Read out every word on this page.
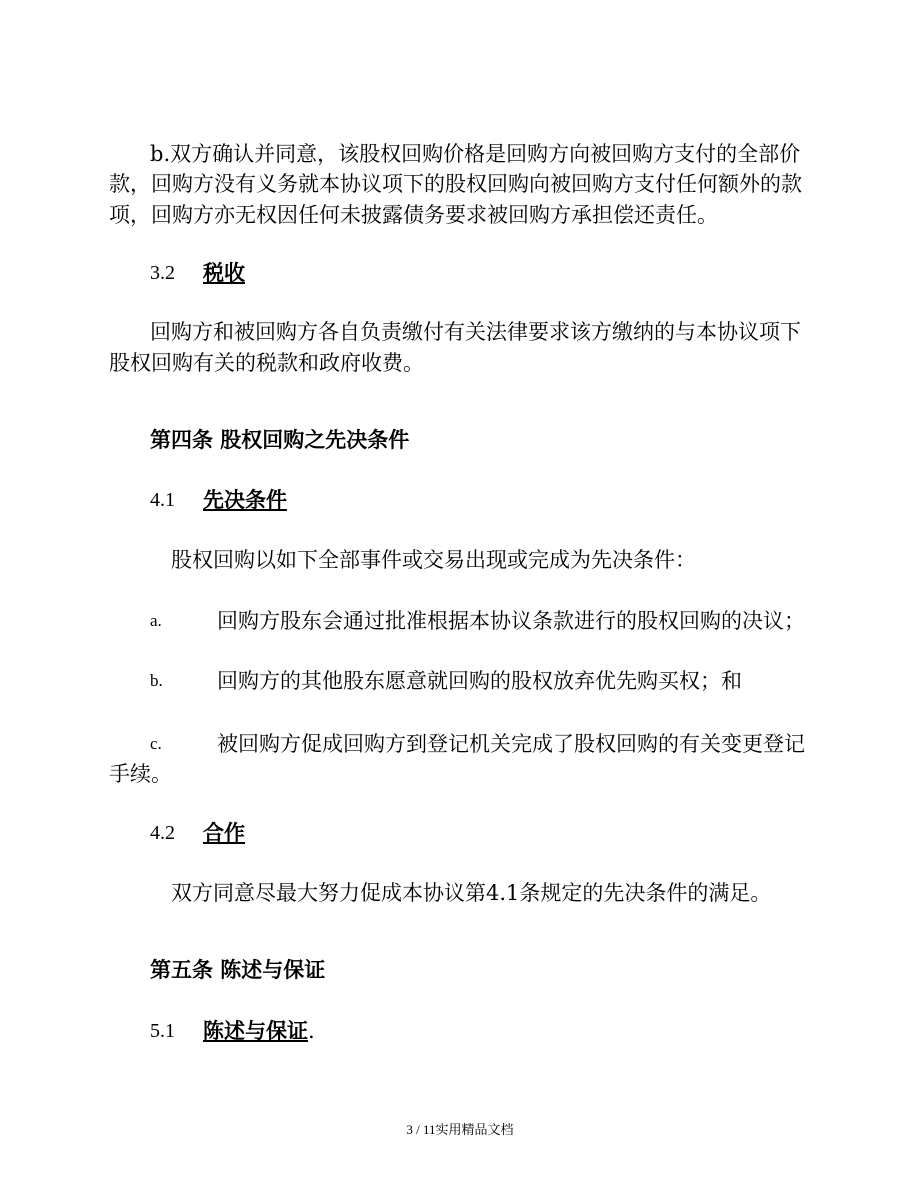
b.双方确认并同意，该股权回购价格是回购方向被回购方支付的全部价
款，回购方没有义务就本协议项下的股权回购向被回购方支付任何额外的款
项，回购方亦无权因任何未披露债务要求被回购方承担偿还责任。
3.2 税收
回购方和被回购方各自负责缴付有关法律要求该方缴纳的与本协议项下
股权回购有关的税款和政府收费。
第四条 股权回购之先决条件
4.1 先决条件
股权回购以如下全部事件或交易出现或完成为先决条件：
a.	回购方股东会通过批准根据本协议条款进行的股权回购的决议；
b.	回购方的其他股东愿意就回购的股权放弃优先购买权；和
c.	被回购方促成回购方到登记机关完成了股权回购的有关变更登记
手续。
4.2 合作
双方同意尽最大努力促成本协议第4.1条规定的先决条件的满足。
第五条 陈述与保证
5.1 陈述与保证 .
3 / 11实用精品文档
